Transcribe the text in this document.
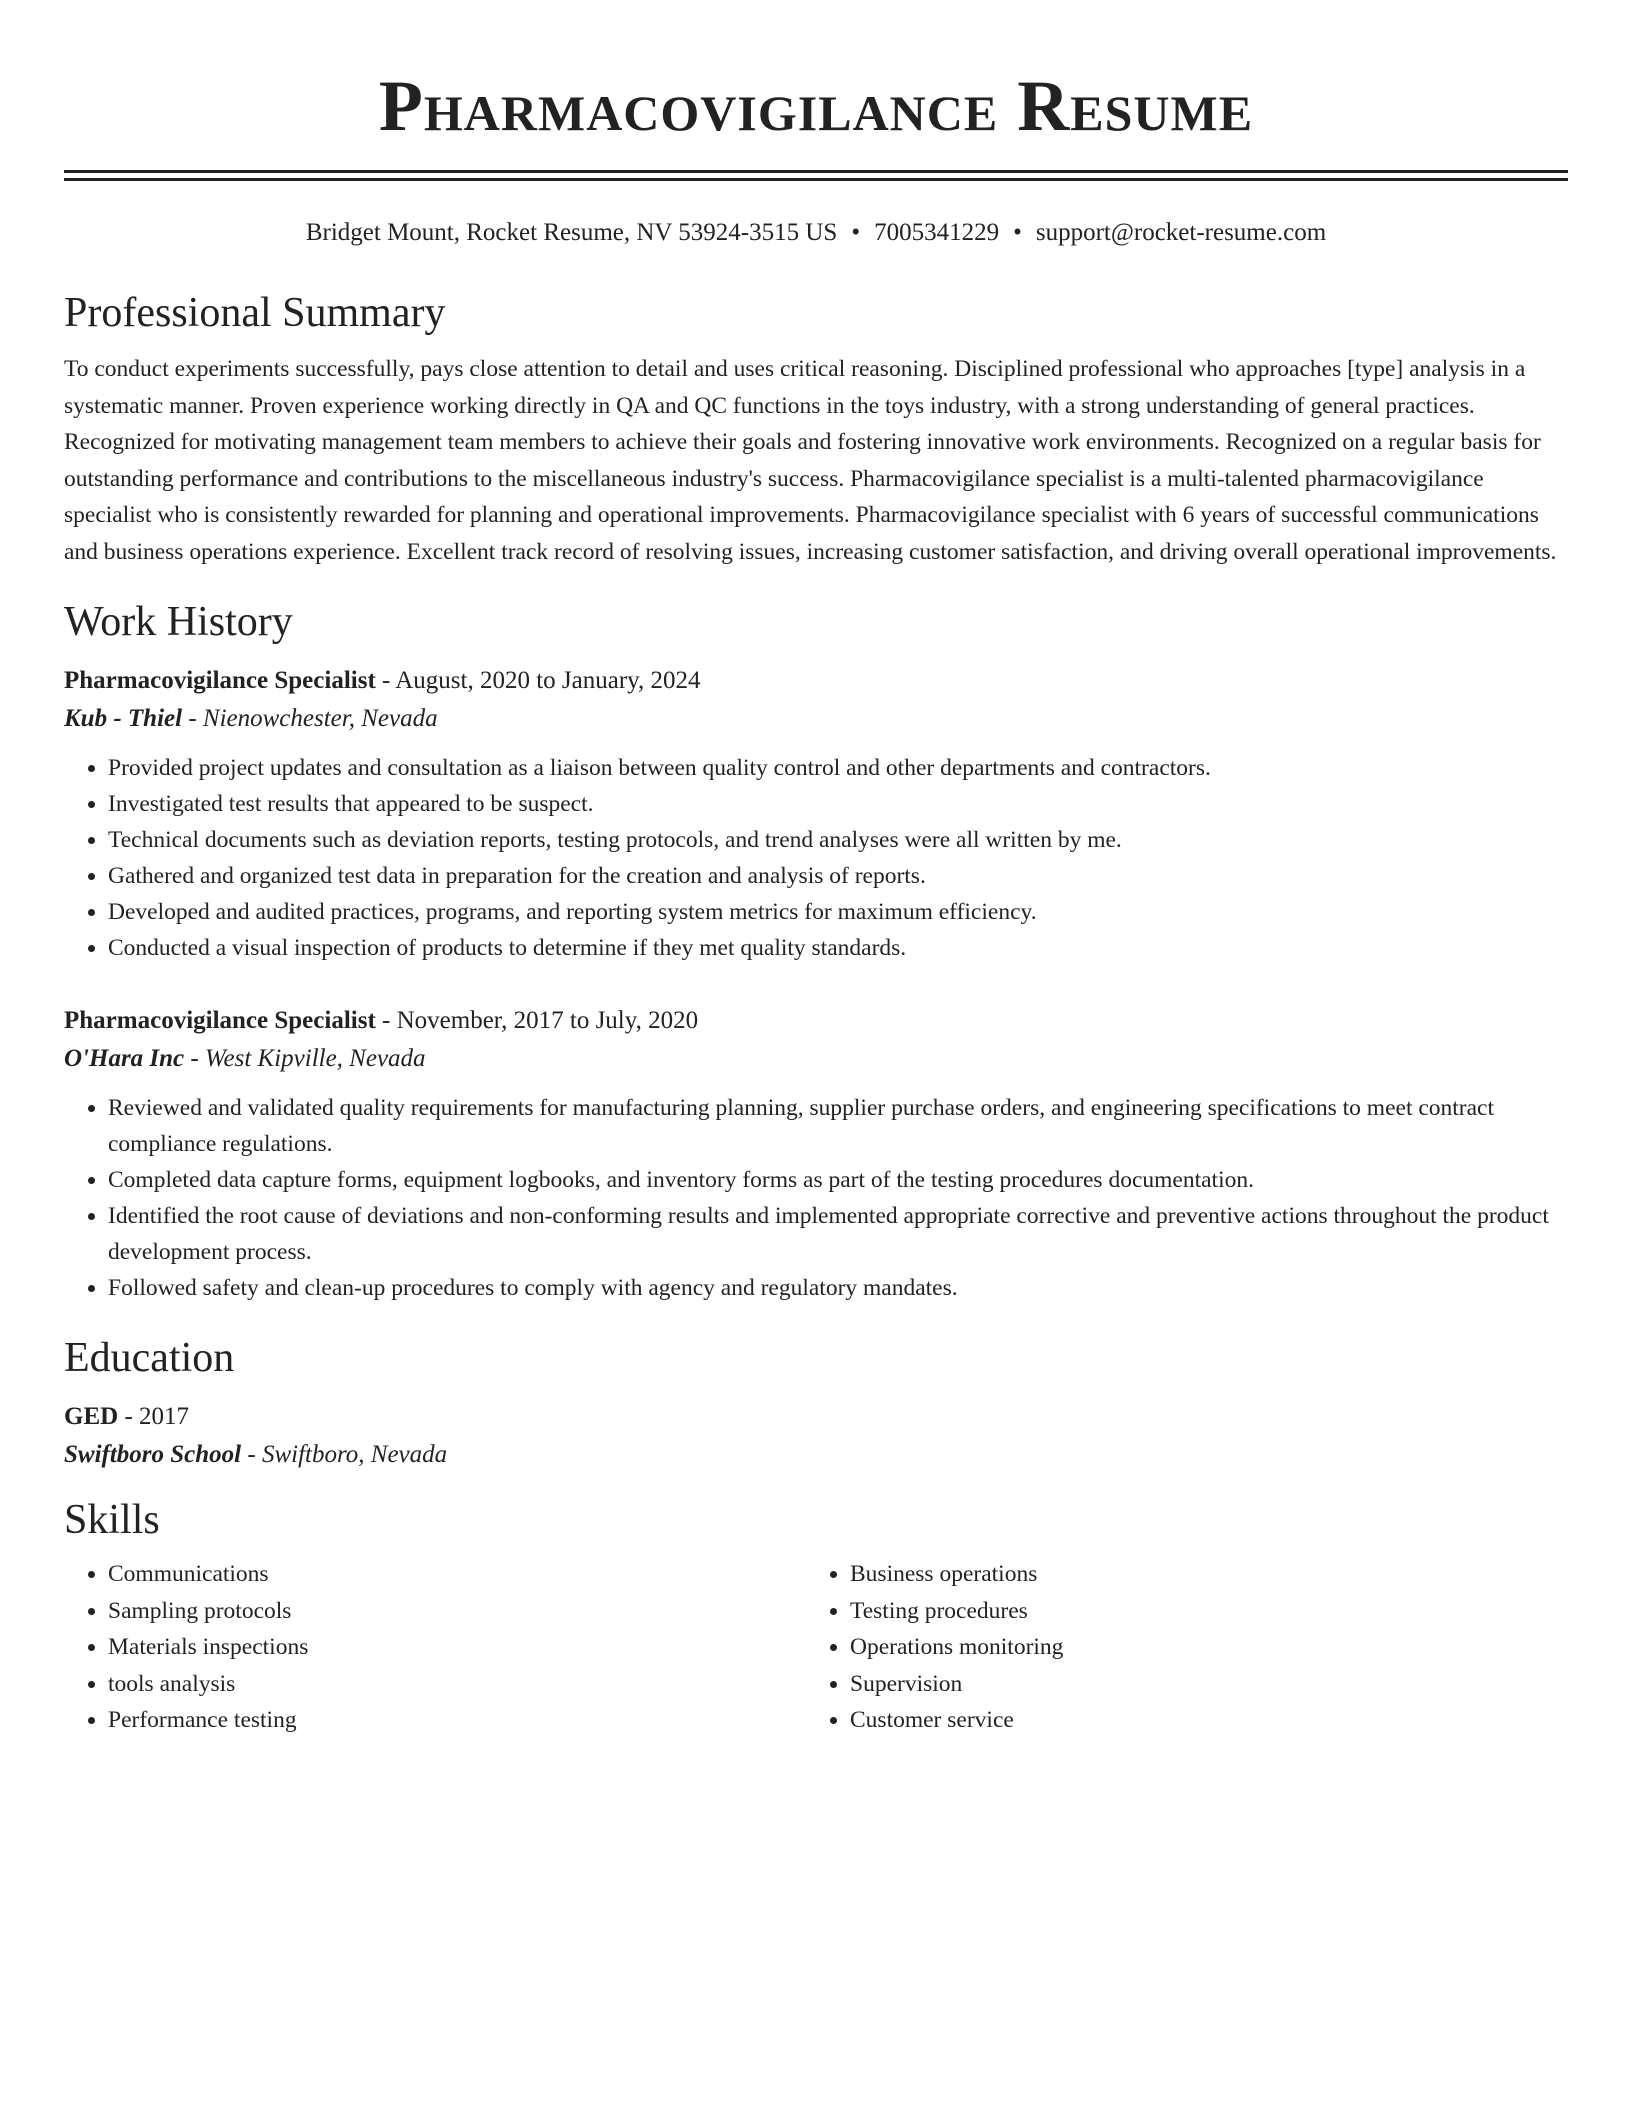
Pharmacovigilance Resume
Bridget Mount, Rocket Resume, NV 53924-3515 US • 7005341229 • support@rocket-resume.com
Professional Summary
To conduct experiments successfully, pays close attention to detail and uses critical reasoning. Disciplined professional who approaches [type] analysis in a systematic manner. Proven experience working directly in QA and QC functions in the toys industry, with a strong understanding of general practices. Recognized for motivating management team members to achieve their goals and fostering innovative work environments. Recognized on a regular basis for outstanding performance and contributions to the miscellaneous industry's success. Pharmacovigilance specialist is a multi-talented pharmacovigilance specialist who is consistently rewarded for planning and operational improvements. Pharmacovigilance specialist with 6 years of successful communications and business operations experience. Excellent track record of resolving issues, increasing customer satisfaction, and driving overall operational improvements.
Work History
Pharmacovigilance Specialist - August, 2020 to January, 2024
Kub - Thiel - Nienowchester, Nevada
• Provided project updates and consultation as a liaison between quality control and other departments and contractors.
• Investigated test results that appeared to be suspect.
• Technical documents such as deviation reports, testing protocols, and trend analyses were all written by me.
• Gathered and organized test data in preparation for the creation and analysis of reports.
• Developed and audited practices, programs, and reporting system metrics for maximum efficiency.
• Conducted a visual inspection of products to determine if they met quality standards.
Pharmacovigilance Specialist - November, 2017 to July, 2020
O'Hara Inc - West Kipville, Nevada
• Reviewed and validated quality requirements for manufacturing planning, supplier purchase orders, and engineering specifications to meet contract compliance regulations.
• Completed data capture forms, equipment logbooks, and inventory forms as part of the testing procedures documentation.
• Identified the root cause of deviations and non-conforming results and implemented appropriate corrective and preventive actions throughout the product development process.
• Followed safety and clean-up procedures to comply with agency and regulatory mandates.
Education
GED - 2017
Swiftboro School - Swiftboro, Nevada
Skills
• Communications
• Sampling protocols
• Materials inspections
• tools analysis
• Performance testing
• Business operations
• Testing procedures
• Operations monitoring
• Supervision
• Customer service
